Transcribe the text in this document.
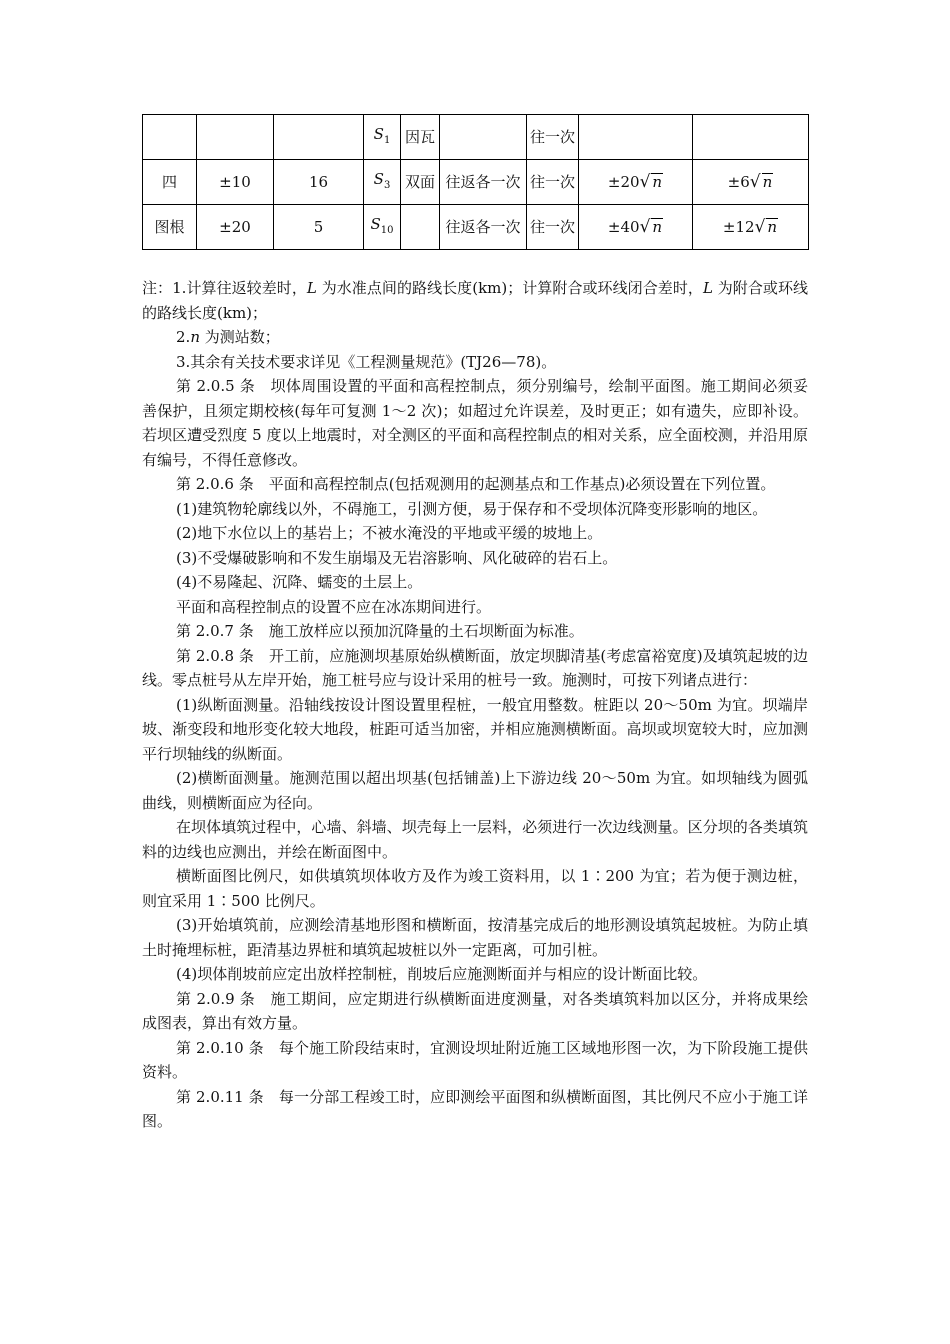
			$S_1$	因瓦		往一次		
四	±10	16	$S_3$	双面	往返各一次	往一次	±20√ n	±6√ n
图根	±20	5	$S_{10}$		往返各一次	往一次	±40√ n	±12√ n

注：1.计算往返较差时，L 为水准点间的路线长度(km)；计算附合或环线闭合差时，L 为附合或环线的路线长度(km)；

2.n 为测站数；

3.其余有关技术要求详见《工程测量规范》(TJ26—78)。

第 2.0.5 条　坝体周围设置的平面和高程控制点，须分别编号，绘制平面图。施工期间必须妥善保护，且须定期校核(每年可复测 1～2 次)；如超过允许误差，及时更正；如有遗失，应即补设。若坝区遭受烈度 5 度以上地震时，对全测区的平面和高程控制点的相对关系，应全面校测，并沿用原有编号，不得任意修改。

第 2.0.6 条　平面和高程控制点(包括观测用的起测基点和工作基点)必须设置在下列位置。

(1)建筑物轮廓线以外，不碍施工，引测方便，易于保存和不受坝体沉降变形影响的地区。

(2)地下水位以上的基岩上；不被水淹没的平地或平缓的坡地上。

(3)不受爆破影响和不发生崩塌及无岩溶影响、风化破碎的岩石上。

(4)不易隆起、沉降、蠕变的土层上。

平面和高程控制点的设置不应在冰冻期间进行。

第 2.0.7 条　施工放样应以预加沉降量的土石坝断面为标准。

第 2.0.8 条　开工前，应施测坝基原始纵横断面，放定坝脚清基(考虑富裕宽度)及填筑起坡的边线。零点桩号从左岸开始，施工桩号应与设计采用的桩号一致。施测时，可按下列诸点进行：

(1)纵断面测量。沿轴线按设计图设置里程桩，一般宜用整数。桩距以 20～50m 为宜。坝端岸坡、渐变段和地形变化较大地段，桩距可适当加密，并相应施测横断面。高坝或坝宽较大时，应加测平行坝轴线的纵断面。

(2)横断面测量。施测范围以超出坝基(包括铺盖)上下游边线 20～50m 为宜。如坝轴线为圆弧曲线，则横断面应为径向。

在坝体填筑过程中，心墙、斜墙、坝壳每上一层料，必须进行一次边线测量。区分坝的各类填筑料的边线也应测出，并绘在断面图中。

横断面图比例尺，如供填筑坝体收方及作为竣工资料用，以 1∶200 为宜；若为便于测边桩，则宜采用 1∶500 比例尺。

(3)开始填筑前，应测绘清基地形图和横断面，按清基完成后的地形测设填筑起坡桩。为防止填土时掩埋标桩，距清基边界桩和填筑起坡桩以外一定距离，可加引桩。

(4)坝体削坡前应定出放样控制桩，削坡后应施测断面并与相应的设计断面比较。

第 2.0.9 条　施工期间，应定期进行纵横断面进度测量，对各类填筑料加以区分，并将成果绘成图表，算出有效方量。

第 2.0.10 条　每个施工阶段结束时，宜测设坝址附近施工区域地形图一次，为下阶段施工提供资料。

第 2.0.11 条　每一分部工程竣工时，应即测绘平面图和纵横断面图，其比例尺不应小于施工详图。
